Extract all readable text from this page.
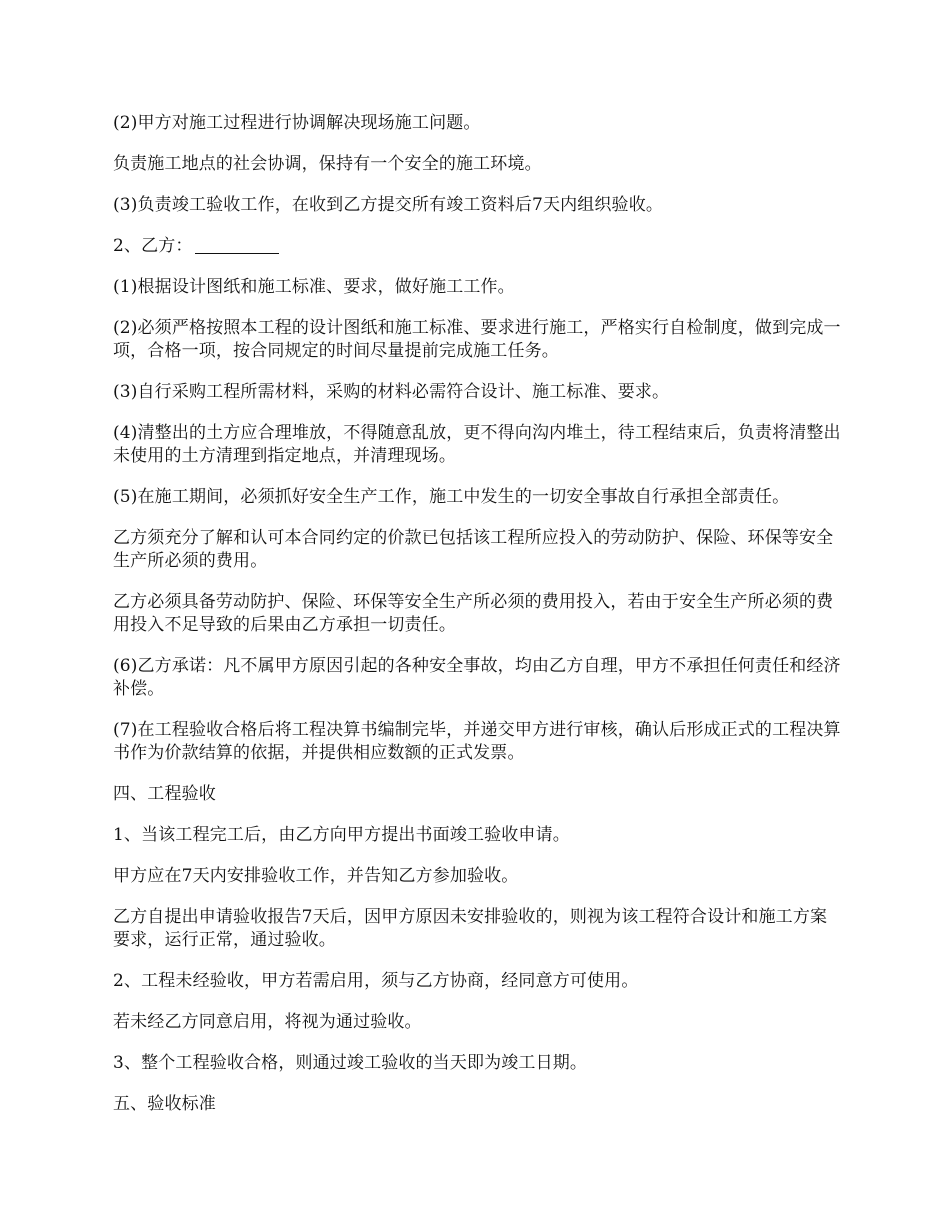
(2)甲方对施工过程进行协调解决现场施工问题。

负责施工地点的社会协调，保持有一个安全的施工环境。

(3)负责竣工验收工作，在收到乙方提交所有竣工资料后7天内组织验收。

2、乙方：

(1)根据设计图纸和施工标准、要求，做好施工工作。

(2)必须严格按照本工程的设计图纸和施工标准、要求进行施工，严格实行自检制度，做到完成一项，合格一项，按合同规定的时间尽量提前完成施工任务。

(3)自行采购工程所需材料，采购的材料必需符合设计、施工标准、要求。

(4)清整出的土方应合理堆放，不得随意乱放，更不得向沟内堆土，待工程结束后，负责将清整出未使用的土方清理到指定地点，并清理现场。

(5)在施工期间，必须抓好安全生产工作，施工中发生的一切安全事故自行承担全部责任。

乙方须充分了解和认可本合同约定的价款已包括该工程所应投入的劳动防护、保险、环保等安全生产所必须的费用。

乙方必须具备劳动防护、保险、环保等安全生产所必须的费用投入，若由于安全生产所必须的费用投入不足导致的后果由乙方承担一切责任。

(6)乙方承诺：凡不属甲方原因引起的各种安全事故，均由乙方自理，甲方不承担任何责任和经济补偿。

(7)在工程验收合格后将工程决算书编制完毕，并递交甲方进行审核，确认后形成正式的工程决算书作为价款结算的依据，并提供相应数额的正式发票。

四、工程验收

1、当该工程完工后，由乙方向甲方提出书面竣工验收申请。

甲方应在7天内安排验收工作，并告知乙方参加验收。

乙方自提出申请验收报告7天后，因甲方原因未安排验收的，则视为该工程符合设计和施工方案要求，运行正常，通过验收。

2、工程未经验收，甲方若需启用，须与乙方协商，经同意方可使用。

若未经乙方同意启用，将视为通过验收。

3、整个工程验收合格，则通过竣工验收的当天即为竣工日期。

五、验收标准
